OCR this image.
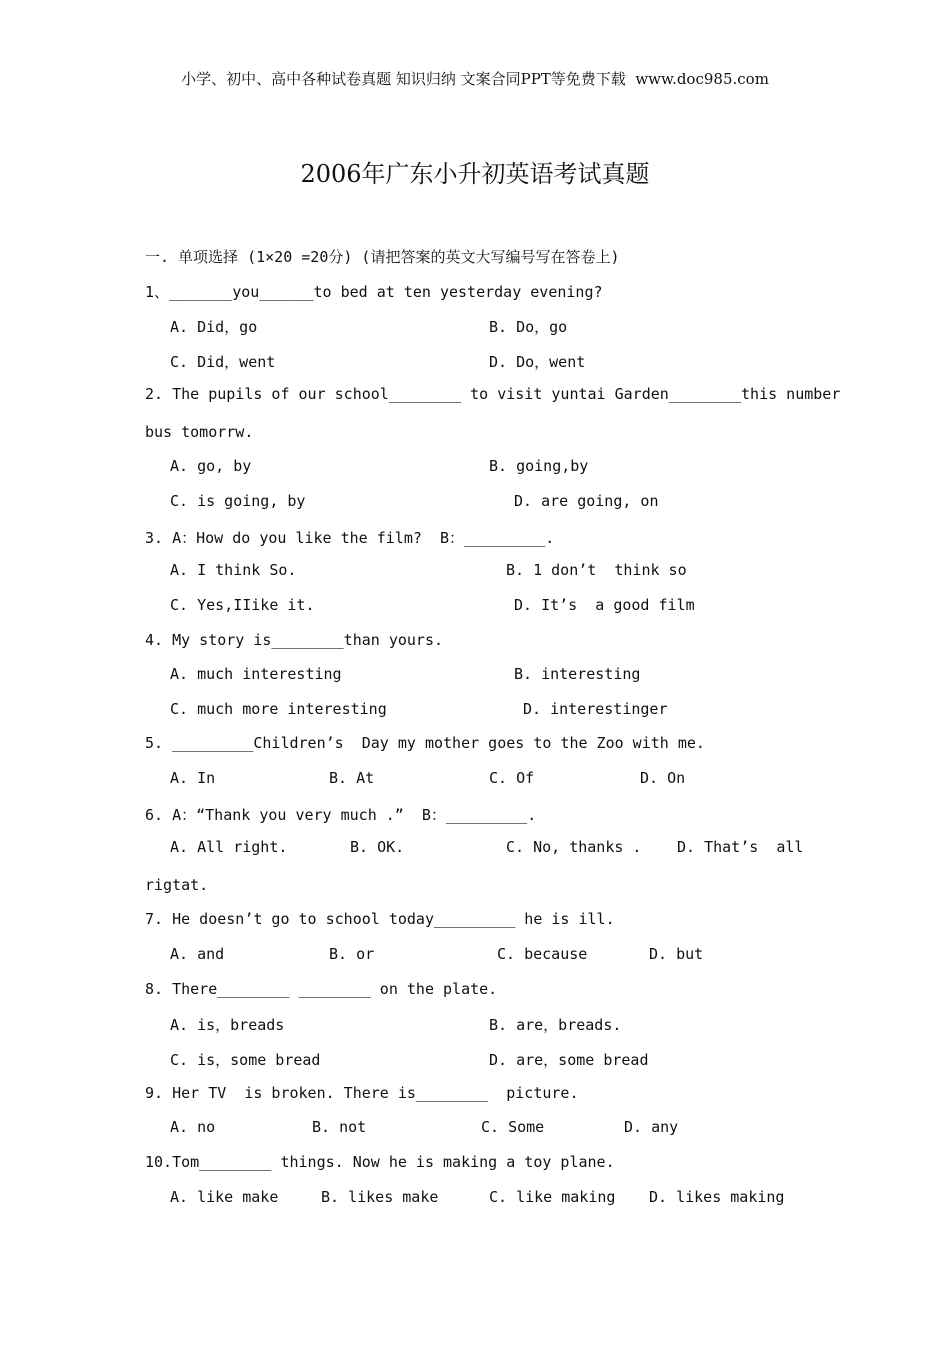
小学、初中、高中各种试卷真题 知识归纳 文案合同PPT等免费下载  www.doc985.com
2006年广东小升初英语考试真题
一. 单项选择 (1×20 =20分) (请把答案的英文大写编号写在答卷上)
1、_______you______to bed at ten yesterday evening?
A. Did，go	B. Do，go
C. Did，went	D. Do，went
2. The pupils of our school________ to visit yuntai Garden________this number
bus tomorrw.
A. go, by	B. going,by
C. is going, by	D. are going, on
3. A：How do you like the film?  B：_________.
A. I think So.	B. 1 don’t  think so
C. Yes,IIike it.	D. It’s  a good film
4. My story is________than yours.
A. much interesting	B. interesting
C. much more interesting	D. interestinger
5. _________Children’s  Day my mother goes to the Zoo with me.
A. In	B. At	C. Of	D. On
6. A：“Thank you very much .”  B：_________.
A. All right.	B. OK.	C. No, thanks . D. That’s  all
rigtat.
7. He doesn’t go to school today_________ he is ill.
A. and	B. or	C. because	D. but
8. There________ ________ on the plate.
A. is，breads	B. are，breads.
C. is，some bread	D. are，some bread
9. Her TV  is broken. There is________  picture.
A. no	B. not	C. Some	D. any
10.Tom________ things. Now he is making a toy plane.
A. like make	B. likes make	C. like making D. likes making
